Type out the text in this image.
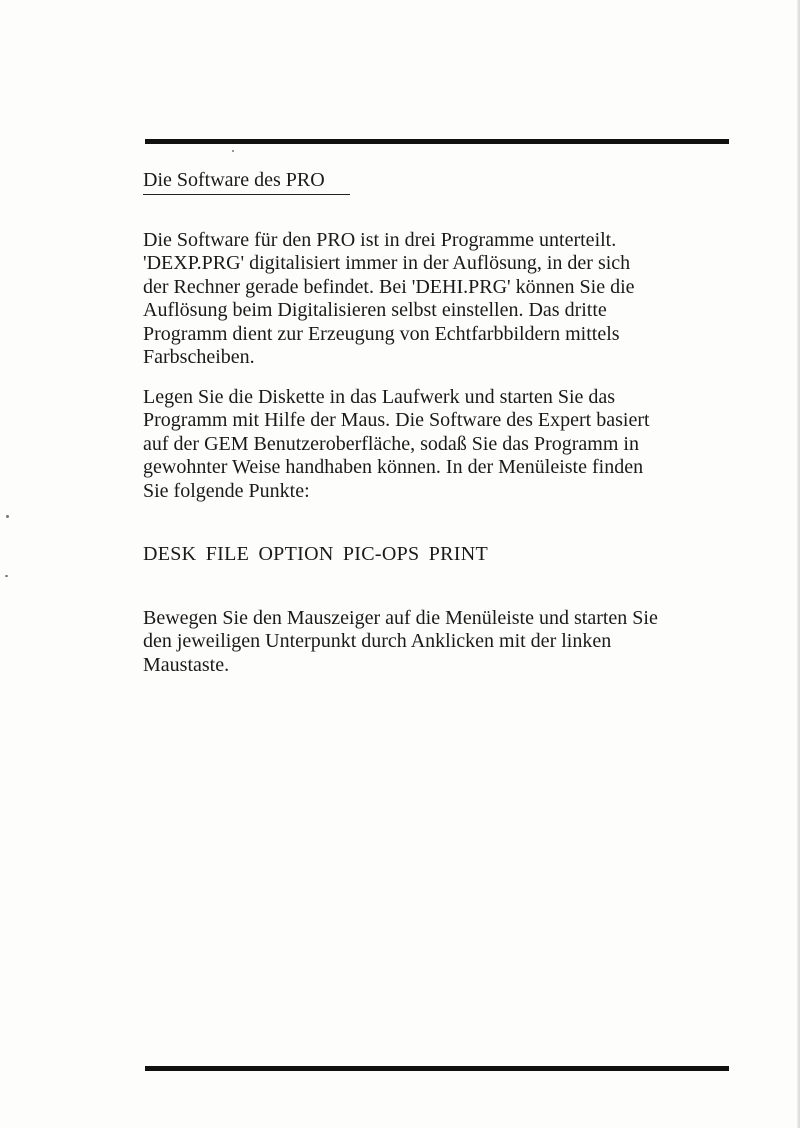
Die Software des PRO

Die Software für den PRO ist in drei Programme unterteilt.
'DEXP.PRG' digitalisiert immer in der Auflösung, in der sich
der Rechner gerade befindet. Bei 'DEHI.PRG' können Sie die
Auflösung beim Digitalisieren selbst einstellen. Das dritte
Programm dient zur Erzeugung von Echtfarbbildern mittels
Farbscheiben.

Legen Sie die Diskette in das Laufwerk und starten Sie das
Programm mit Hilfe der Maus. Die Software des Expert basiert
auf der GEM Benutzeroberfläche, sodaß Sie das Programm in
gewohnter Weise handhaben können. In der Menüleiste finden
Sie folgende Punkte:

DESK FILE OPTION PIC-OPS PRINT

Bewegen Sie den Mauszeiger auf die Menüleiste und starten Sie
den jeweiligen Unterpunkt durch Anklicken mit der linken
Maustaste.
